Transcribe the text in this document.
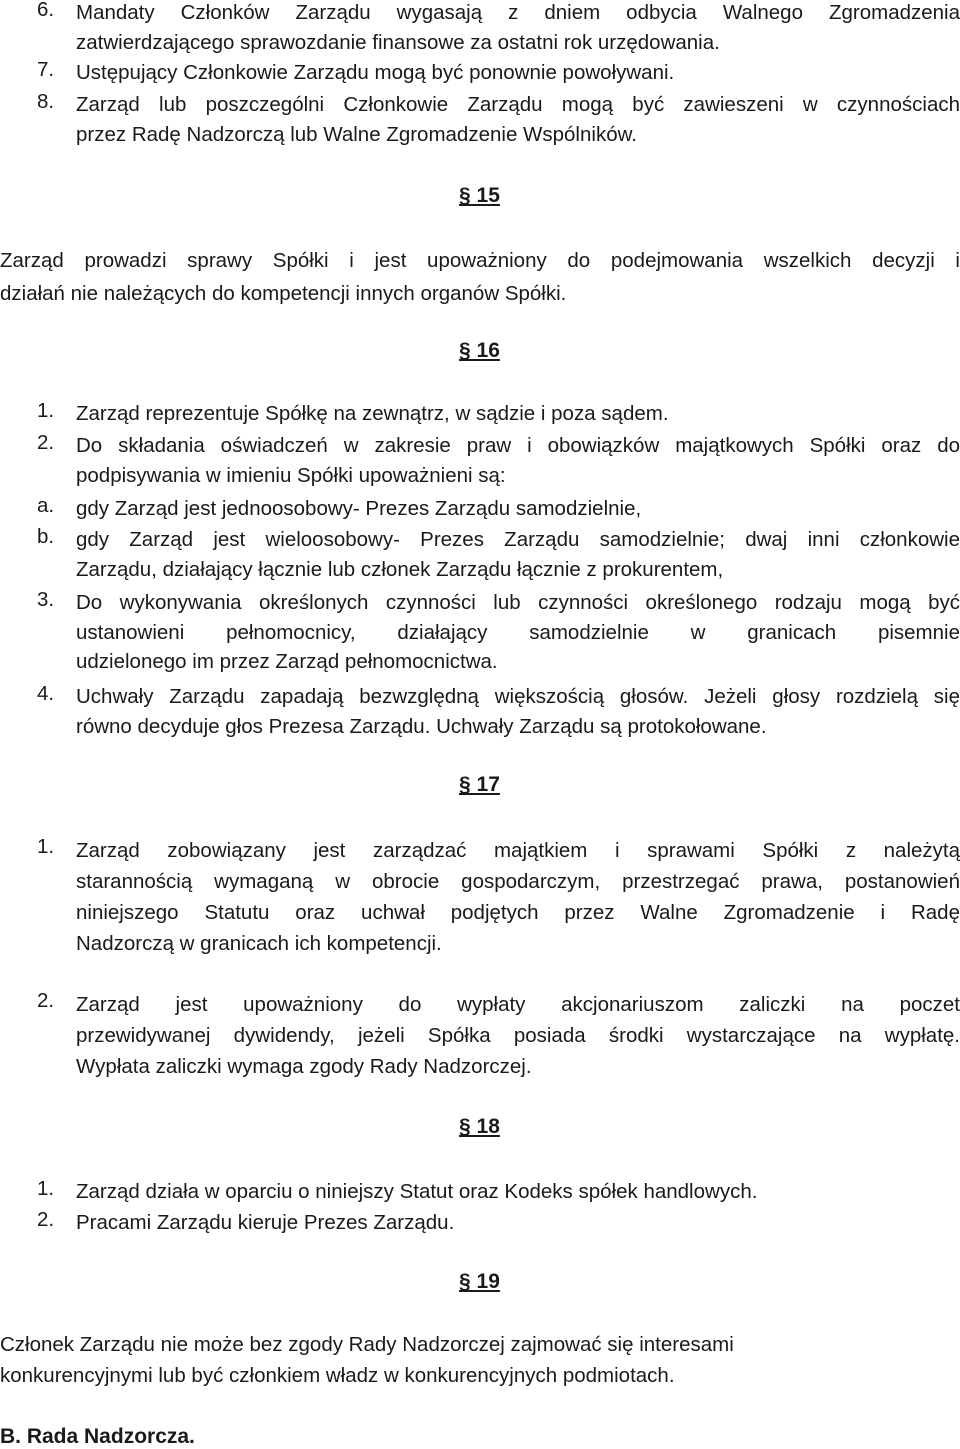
6. Mandaty Członków Zarządu wygasają z dniem odbycia Walnego Zgromadzenia
zatwierdzającego sprawozdanie finansowe za ostatni rok urzędowania.
7. Ustępujący Członkowie Zarządu mogą być ponownie powoływani.
8. Zarząd lub poszczególni Członkowie Zarządu mogą być zawieszeni w czynnościach
przez Radę Nadzorczą lub Walne Zgromadzenie Wspólników.
§ 15
Zarząd prowadzi sprawy Spółki i jest upoważniony do podejmowania wszelkich decyzji i
działań nie należących do kompetencji innych organów Spółki.
§ 16
1. Zarząd reprezentuje Spółkę na zewnątrz, w sądzie i poza sądem.
2. Do składania oświadczeń w zakresie praw i obowiązków majątkowych Spółki oraz do
podpisywania w imieniu Spółki upoważnieni są:
a. gdy Zarząd jest jednoosobowy- Prezes Zarządu samodzielnie,
b. gdy Zarząd jest wieloosobowy- Prezes Zarządu samodzielnie; dwaj inni członkowie
Zarządu, działający łącznie lub członek Zarządu łącznie z prokurentem,
3. Do wykonywania określonych czynności lub czynności określonego rodzaju mogą być
ustanowieni pełnomocnicy, działający samodzielnie w granicach pisemnie
udzielonego im przez Zarząd pełnomocnictwa.
4. Uchwały Zarządu zapadają bezwzględną większością głosów. Jeżeli głosy rozdzielą się
równo decyduje głos Prezesa Zarządu. Uchwały Zarządu są protokołowane.
§ 17
1. Zarząd zobowiązany jest zarządzać majątkiem i sprawami Spółki z należytą
starannością wymaganą w obrocie gospodarczym, przestrzegać prawa, postanowień
niniejszego Statutu oraz uchwał podjętych przez Walne Zgromadzenie i Radę
Nadzorczą w granicach ich kompetencji.
2. Zarząd jest upoważniony do wypłaty akcjonariuszom zaliczki na poczet
przewidywanej dywidendy, jeżeli Spółka posiada środki wystarczające na wypłatę.
Wypłata zaliczki wymaga zgody Rady Nadzorczej.
§ 18
1. Zarząd działa w oparciu o niniejszy Statut oraz Kodeks spółek handlowych.
2. Pracami Zarządu kieruje Prezes Zarządu.
§ 19
Członek Zarządu nie może bez zgody Rady Nadzorczej zajmować się interesami
konkurencyjnymi lub być członkiem władz w konkurencyjnych podmiotach.
B. Rada Nadzorcza.
